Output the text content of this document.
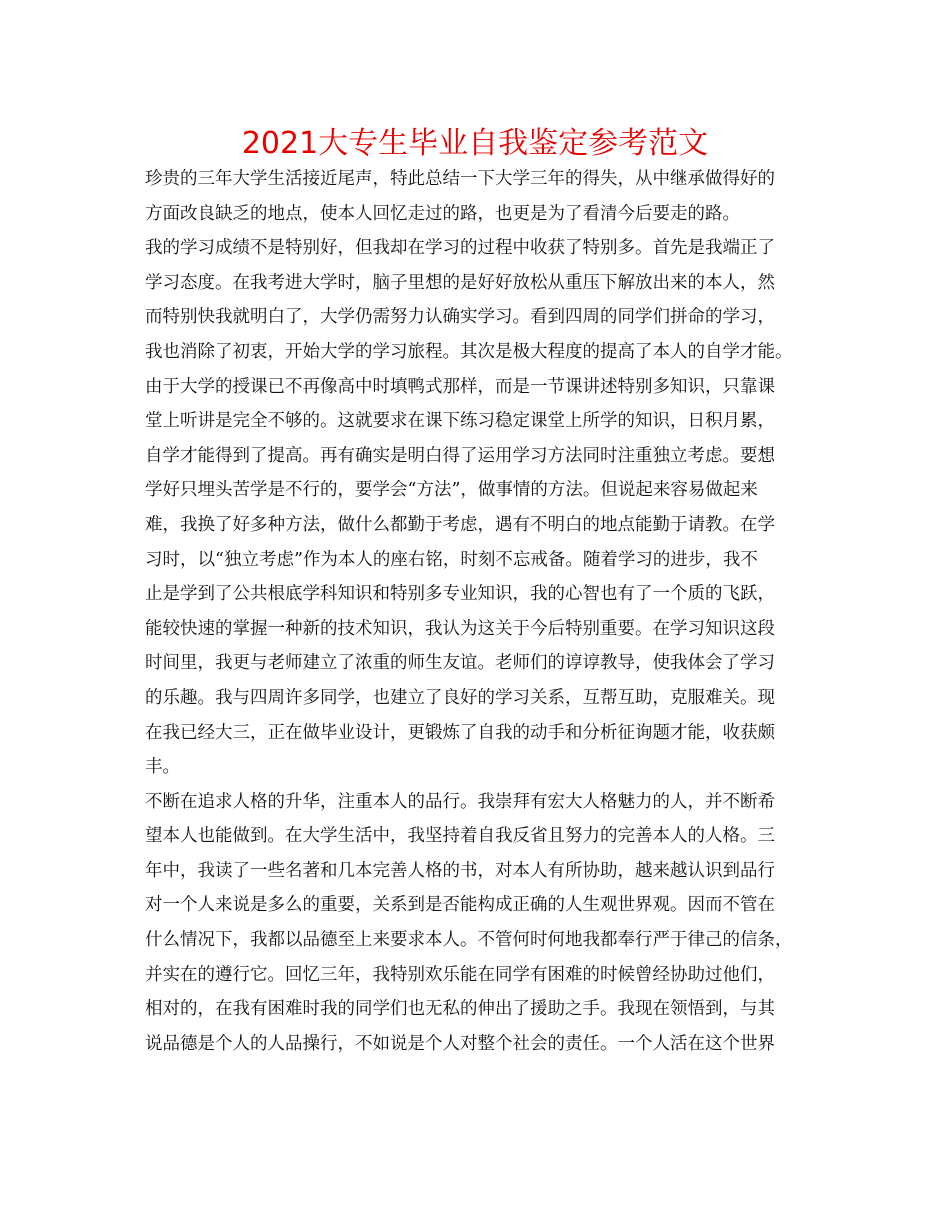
2021大专生毕业自我鉴定参考范文
珍贵的三年大学生活接近尾声，特此总结一下大学三年的得失，从中继承做得好的
方面改良缺乏的地点，使本人回忆走过的路，也更是为了看清今后要走的路。
我的学习成绩不是特别好，但我却在学习的过程中收获了特别多。首先是我端正了
学习态度。在我考进大学时，脑子里想的是好好放松从重压下解放出来的本人，然
而特别快我就明白了，大学仍需努力认确实学习。看到四周的同学们拼命的学习，
我也消除了初衷，开始大学的学习旅程。其次是极大程度的提高了本人的自学才能。
由于大学的授课已不再像高中时填鸭式那样，而是一节课讲述特别多知识，只靠课
堂上听讲是完全不够的。这就要求在课下练习稳定课堂上所学的知识，日积月累，
自学才能得到了提高。再有确实是明白得了运用学习方法同时注重独立考虑。要想
学好只埋头苦学是不行的，要学会“方法”，做事情的方法。但说起来容易做起来
难，我换了好多种方法，做什么都勤于考虑，遇有不明白的地点能勤于请教。在学
习时，以“独立考虑”作为本人的座右铭，时刻不忘戒备。随着学习的进步，我不
止是学到了公共根底学科知识和特别多专业知识，我的心智也有了一个质的飞跃，
能较快速的掌握一种新的技术知识，我认为这关于今后特别重要。在学习知识这段
时间里，我更与老师建立了浓重的师生友谊。老师们的谆谆教导，使我体会了学习
的乐趣。我与四周许多同学，也建立了良好的学习关系，互帮互助，克服难关。现
在我已经大三，正在做毕业设计，更锻炼了自我的动手和分析征询题才能，收获颇
丰。
不断在追求人格的升华，注重本人的品行。我崇拜有宏大人格魅力的人，并不断希
望本人也能做到。在大学生活中，我坚持着自我反省且努力的完善本人的人格。三
年中，我读了一些名著和几本完善人格的书，对本人有所协助，越来越认识到品行
对一个人来说是多么的重要，关系到是否能构成正确的人生观世界观。因而不管在
什么情况下，我都以品德至上来要求本人。不管何时何地我都奉行严于律己的信条，
并实在的遵行它。回忆三年，我特别欢乐能在同学有困难的时候曾经协助过他们，
相对的，在我有困难时我的同学们也无私的伸出了援助之手。我现在领悟到，与其
说品德是个人的人品操行，不如说是个人对整个社会的责任。一个人活在这个世界
